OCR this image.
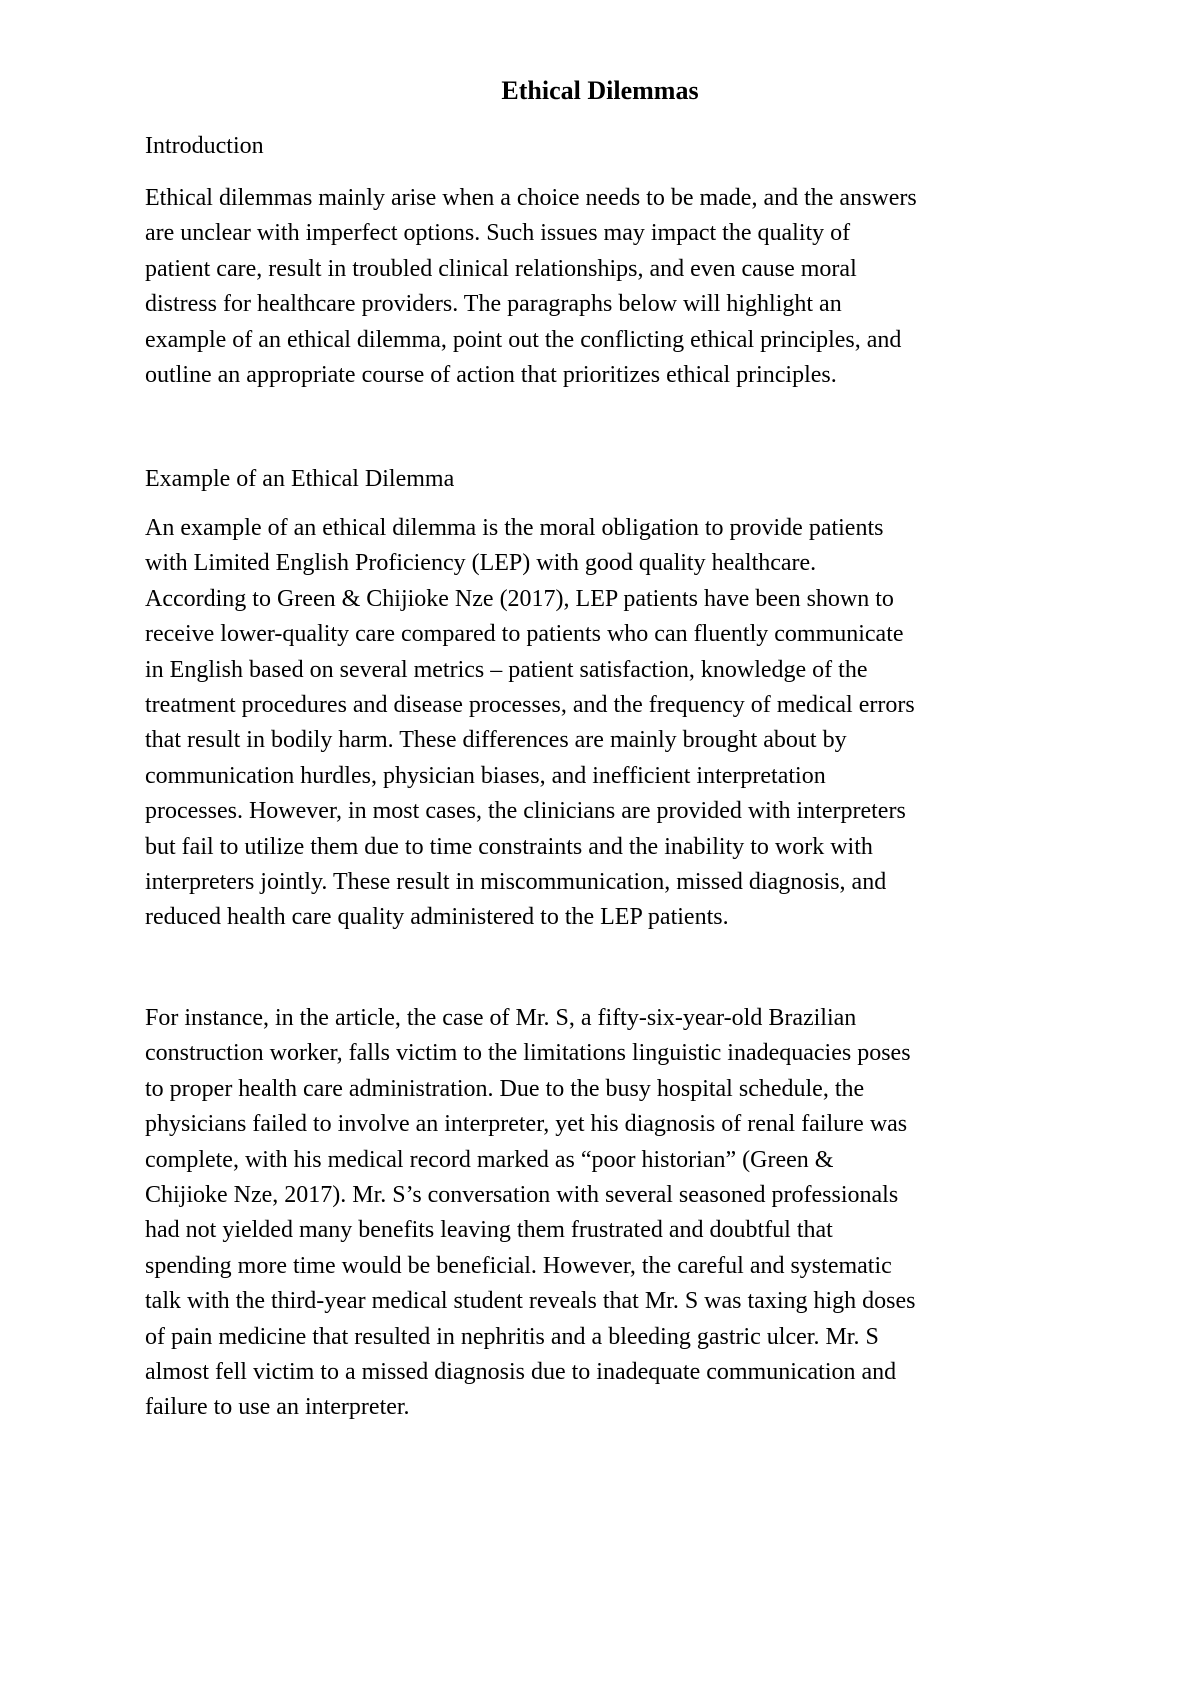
Ethical Dilemmas
Introduction

Ethical dilemmas mainly arise when a choice needs to be made, and the answers
are unclear with imperfect options. Such issues may impact the quality of
patient care, result in troubled clinical relationships, and even cause moral
distress for healthcare providers. The paragraphs below will highlight an
example of an ethical dilemma, point out the conflicting ethical principles, and
outline an appropriate course of action that prioritizes ethical principles.

Example of an Ethical Dilemma

An example of an ethical dilemma is the moral obligation to provide patients
with Limited English Proficiency (LEP) with good quality healthcare.
According to Green & Chijioke Nze (2017), LEP patients have been shown to
receive lower-quality care compared to patients who can fluently communicate
in English based on several metrics – patient satisfaction, knowledge of the
treatment procedures and disease processes, and the frequency of medical errors
that result in bodily harm. These differences are mainly brought about by
communication hurdles, physician biases, and inefficient interpretation
processes. However, in most cases, the clinicians are provided with interpreters
but fail to utilize them due to time constraints and the inability to work with
interpreters jointly. These result in miscommunication, missed diagnosis, and
reduced health care quality administered to the LEP patients.

For instance, in the article, the case of Mr. S, a fifty-six-year-old Brazilian
construction worker, falls victim to the limitations linguistic inadequacies poses
to proper health care administration. Due to the busy hospital schedule, the
physicians failed to involve an interpreter, yet his diagnosis of renal failure was
complete, with his medical record marked as “poor historian” (Green &
Chijioke Nze, 2017). Mr. S’s conversation with several seasoned professionals
had not yielded many benefits leaving them frustrated and doubtful that
spending more time would be beneficial. However, the careful and systematic
talk with the third-year medical student reveals that Mr. S was taxing high doses
of pain medicine that resulted in nephritis and a bleeding gastric ulcer. Mr. S
almost fell victim to a missed diagnosis due to inadequate communication and
failure to use an interpreter.
